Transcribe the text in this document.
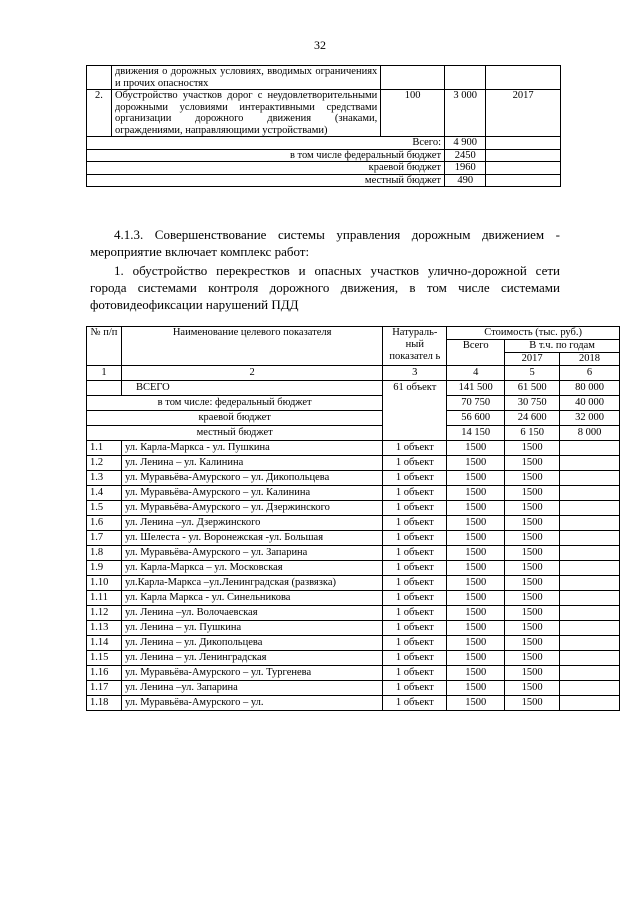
32
	движения о дорожных условиях, вводимых ограничениях и прочих опасностях			
2.	Обустройство участков дорог с неудовлетворительными дорожными условиями интерактивными средствами организации дорожного движения (знаками, ограждениями, направляющими устройствами)	100	3 000	2017
Всего:			4 900	
в том числе федеральный бюджет			2450	
краевой бюджет			1960	
местный бюджет			490	
4.1.3. Совершенствование системы управления дорожным движением - мероприятие включает комплекс работ:
1. обустройство перекрестков и опасных участков улично-дорожной сети города системами контроля дорожного движения, в том числе системами фотовидеофиксации нарушений ПДД
№ п/п	Наименование целевого показателя	Натураль-ный показател ь	Стоимость (тыс. руб.)		
			Всего	В т.ч. по годам	
				2017	2018
1	2	3	4	5	6
	ВСЕГО	61 объект	141 500	61 500	80 000
в том числе: федеральный бюджет			70 750	30 750	40 000
краевой бюджет			56 600	24 600	32 000
местный бюджет			14 150	6 150	8 000
1.1	ул. Карла-Маркса - ул. Пушкина	1 объект	1500	1500	
1.2	ул. Ленина – ул. Калинина	1 объект	1500	1500	
1.3	ул. Муравьёва-Амурского – ул. Дикопольцева	1 объект	1500	1500	
1.4	ул. Муравьёва-Амурского – ул. Калинина	1 объект	1500	1500	
1.5	ул. Муравьёва-Амурского – ул. Дзержинского	1 объект	1500	1500	
1.6	ул. Ленина –ул. Дзержинского	1 объект	1500	1500	
1.7	ул. Шелеста - ул. Воронежская -ул. Большая	1 объект	1500	1500	
1.8	ул. Муравьёва-Амурского – ул. Запарина	1 объект	1500	1500	
1.9	ул. Карла-Маркса – ул. Московская	1 объект	1500	1500	
1.10	ул.Карла-Маркса –ул.Ленинградская (развязка)	1 объект	1500	1500	
1.11	ул. Карла Маркса - ул. Синельникова	1 объект	1500	1500	
1.12	ул. Ленина –ул. Волочаевская	1 объект	1500	1500	
1.13	ул. Ленина – ул. Пушкина	1 объект	1500	1500	
1.14	ул. Ленина – ул. Дикопольцева	1 объект	1500	1500	
1.15	ул. Ленина – ул. Ленинградская	1 объект	1500	1500	
1.16	ул. Муравьёва-Амурского – ул. Тургенева	1 объект	1500	1500	
1.17	ул. Ленина –ул. Запарина	1 объект	1500	1500	
1.18	ул. Муравьёва-Амурского – ул.	1 объект	1500	1500	
